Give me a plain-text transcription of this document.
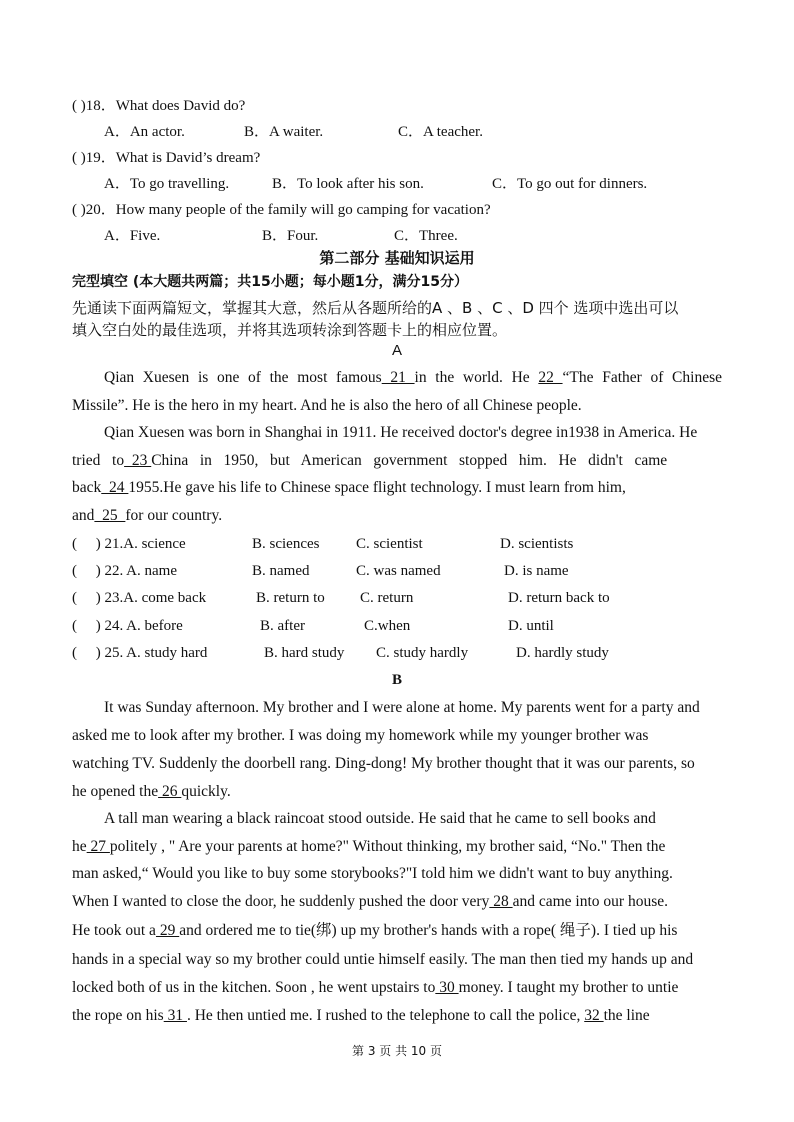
( )18．What does David do?
A．An actor.	B．A waiter.	C．A teacher.
( )19．What is David’s dream?
A．To go travelling.	B．To look after his son.	C．To go out for dinners.
( )20．How many people of the family will go camping for vacation?
A．Five.	B．Four.	C．Three.
第二部分 基础知识运用
完型填空 (本大题共两篇；共15小题；每小题1分，满分15分）
先通读下面两篇短文，掌握其大意，然后从各题所给的A 、B 、C 、D 四个 选项中选出可以
填入空白处的最佳选项，并将其选项转涂到答题卡上的相应位置。
A
Qian Xuesen is one of the most famous 21 in the world. He 22 “The Father of Chinese
Missile”. He is the hero in my heart. And he is also the hero of all Chinese people.
Qian Xuesen was born in Shanghai in 1911. He received doctor's degree in1938 in America. He
tried   to  23 China   in   1950,   but   American   government   stopped   him.   He   didn't   came
back  24 1955.He gave his life to Chinese space flight technology. I must learn from him,
and  25  for our country.
(     ) 21.A. science	B. sciences C. scientist	D. scientists
(     ) 22. A. name	B. named	C. was named	D. is name
(     ) 23.A. come back	B. return to C. return	D. return back to
(     ) 24. A. before	B. after	C.when	D. until
(     ) 25. A. study hard	B. hard study C. study hardly	D. hardly study
B
It was Sunday afternoon. My brother and I were alone at home. My parents went for a party and
asked me to look after my brother. I was doing my homework while my younger brother was
watching TV. Suddenly the doorbell rang. Ding-dong! My brother thought that it was our parents, so
he opened the 26 quickly.
A tall man wearing a black raincoat stood outside. He said that he came to sell books and
he 27 politely , " Are your parents at home?" Without thinking, my brother said, “No." Then the
man asked,“ Would you like to buy some storybooks?"I told him we didn't want to buy anything.
When I wanted to close the door, he suddenly pushed the door very 28 and came into our house.
He took out a 29 and ordered me to tie(绑) up my brother's hands with a rope( 绳子). I tied up his
hands in a special way so my brother could untie himself easily. The man then tied my hands up and
locked both of us in the kitchen. Soon , he went upstairs to 30 money. I taught my brother to untie
the rope on his 31 . He then untied me. I rushed to the telephone to call the police, 32 the line
第 3 页 共 10 页
